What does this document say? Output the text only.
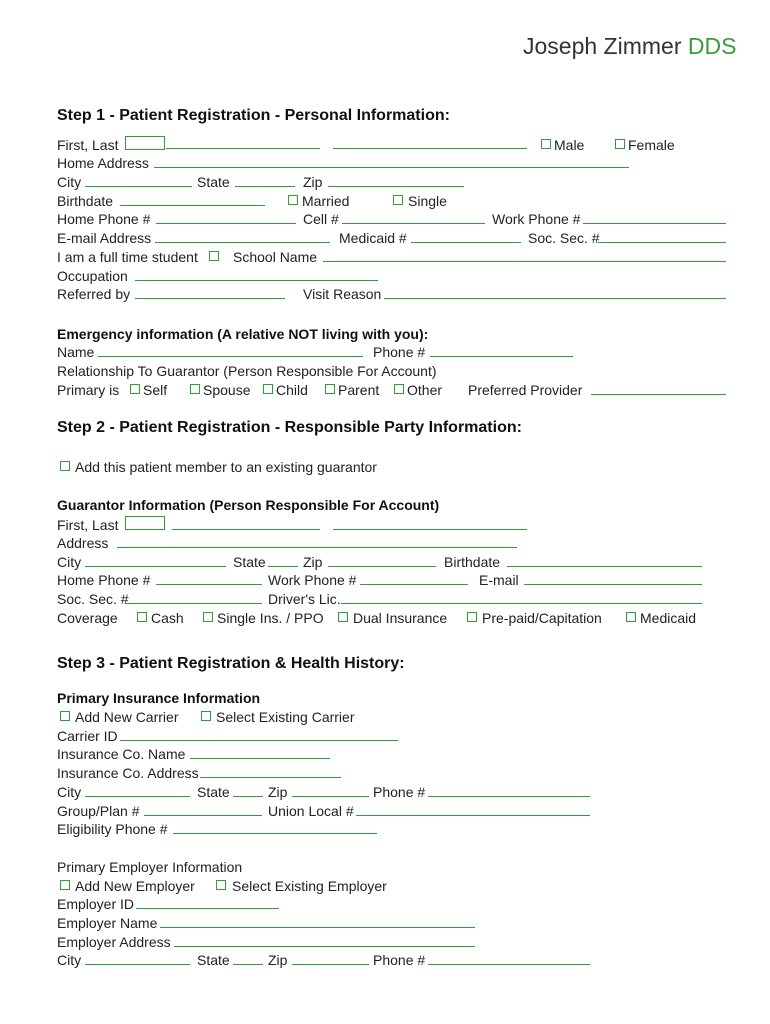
Joseph Zimmer DDS
Step 1 - Patient Registration - Personal Information:
First, Last	Male	Female
Home Address
City	State	Zip
Birthdate	Married	Single
Home Phone #	Cell #	Work Phone #
E-mail Address	Medicaid #	Soc. Sec. #
I am a full time student	School Name
Occupation
Referred by	Visit Reason
Emergency information (A relative NOT living with you):
Name	Phone #
Relationship To Guarantor (Person Responsible For Account)
Primary is Self	Spouse Child Parent Other Preferred Provider
Step 2 - Patient Registration - Responsible Party Information:
Add this patient member to an existing guarantor
Guarantor Information (Person Responsible For Account)
First, Last
Address
City	State	Zip	Birthdate
Home Phone #	Work Phone #	E-mail
Soc. Sec. #	Driver's Lic.
Coverage Cash Single Ins. / PPO Dual Insurance Pre-paid/Capitation	Medicaid
Step 3 - Patient Registration & Health History:
Primary Insurance Information
Add New Carrier	Select Existing Carrier
Carrier ID
Insurance Co. Name
Insurance Co. Address
City	State	Zip	Phone #
Group/Plan #	Union Local #
Eligibility Phone #
Primary Employer Information
Add New Employer	Select Existing Employer
Employer ID
Employer Name
Employer Address
City	State	Zip	Phone #
